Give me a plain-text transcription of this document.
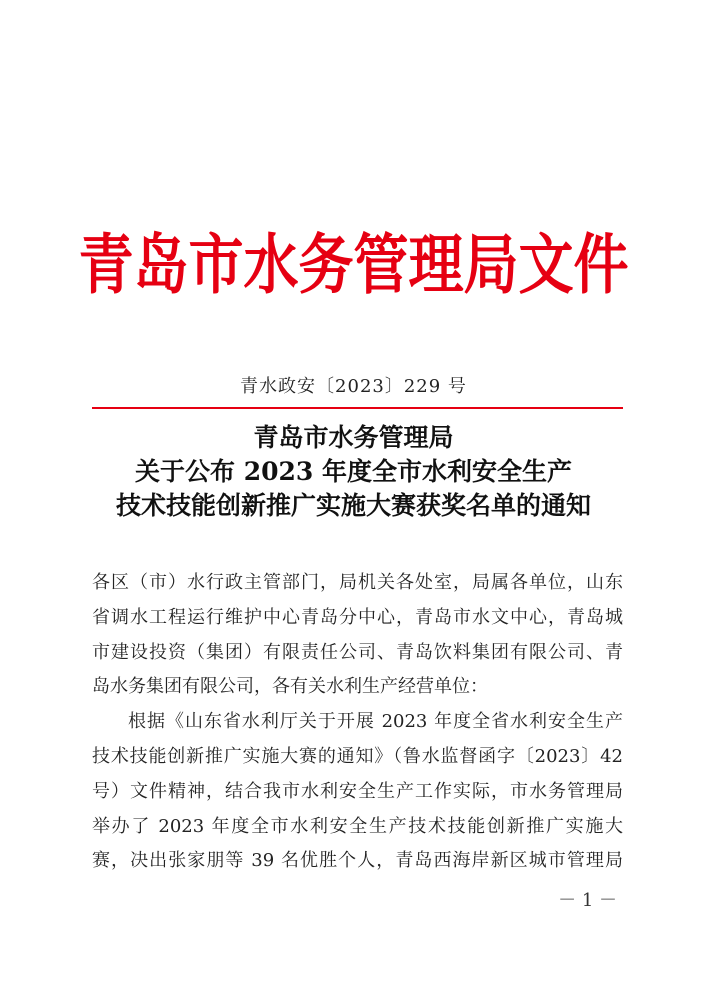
青岛市水务管理局文件
青水政安〔2023〕229 号
青岛市水务管理局
关于公布 2023 年度全市水利安全生产
技术技能创新推广实施大赛获奖名单的通知
各区（市）水行政主管部门，局机关各处室，局属各单位，山东
省调水工程运行维护中心青岛分中心，青岛市水文中心，青岛城
市建设投资（集团）有限责任公司、青岛饮料集团有限公司、青
岛水务集团有限公司，各有关水利生产经营单位：
根据《山东省水利厅关于开展 2023 年度全省水利安全生产
技术技能创新推广实施大赛的通知》（鲁水监督函字〔2023〕42
号）文件精神，结合我市水利安全生产工作实际，市水务管理局
举办了 2023 年度全市水利安全生产技术技能创新推广实施大
赛，决出张家朋等 39 名优胜个人，青岛西海岸新区城市管理局
－ 1 －
